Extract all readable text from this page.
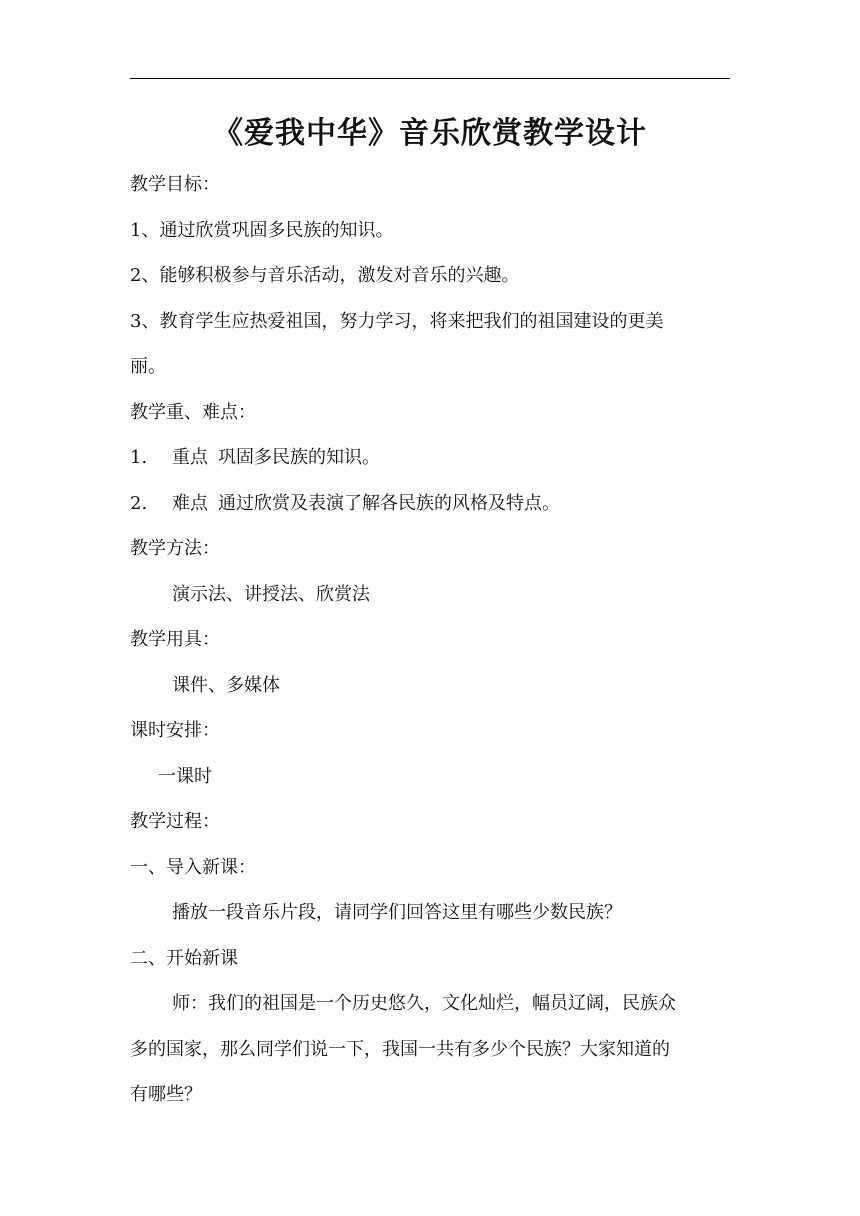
《爱我中华》音乐欣赏教学设计

教学目标：

1、通过欣赏巩固多民族的知识。

2、能够积极参与音乐活动，激发对音乐的兴趣。

3、教育学生应热爱祖国，努力学习，将来把我们的祖国建设的更美

丽。

教学重、难点：

1. 重点 巩固多民族的知识。

2. 难点 通过欣赏及表演了解各民族的风格及特点。

教学方法：

演示法、讲授法、欣赏法

教学用具：

课件、多媒体

课时安排：

一课时

教学过程：

一、导入新课：

播放一段音乐片段，请同学们回答这里有哪些少数民族？

二、开始新课

师：我们的祖国是一个历史悠久，文化灿烂，幅员辽阔，民族众

多的国家，那么同学们说一下，我国一共有多少个民族？大家知道的

有哪些？
